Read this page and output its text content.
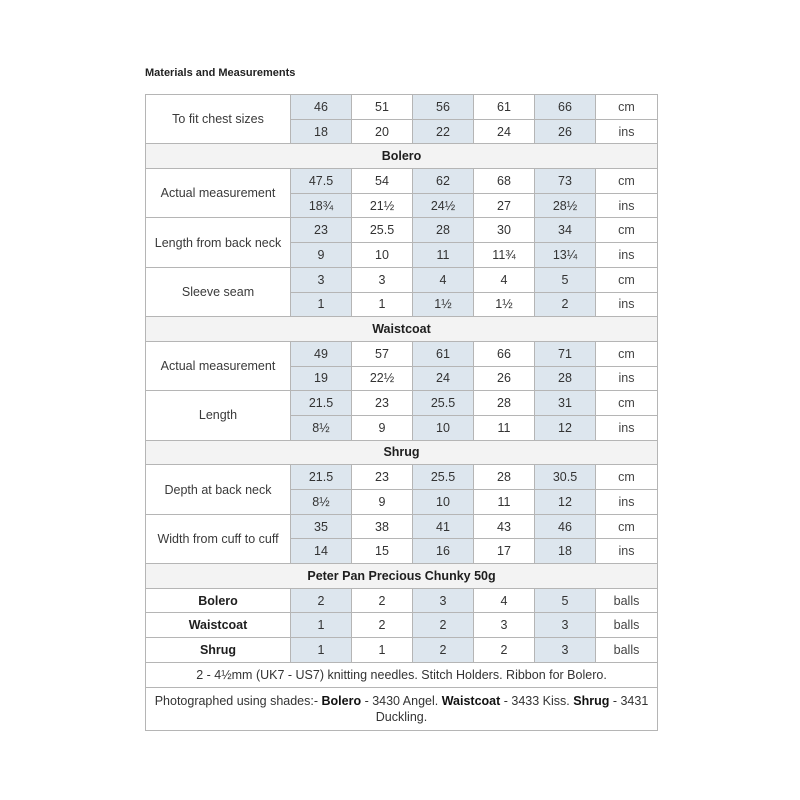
Materials and Measurements
To fit chest sizes	46	51	56	61	66	cm
	18	20	22	24	26	ins
Bolero						
Actual measurement	47.5	54	62	68	73	cm
	18¾	21½	24½	27	28½	ins
Length from back neck	23	25.5	28	30	34	cm
	9	10	11	11¾	13¼	ins
Sleeve seam	3	3	4	4	5	cm
	1	1	1½	1½	2	ins
Waistcoat						
Actual measurement	49	57	61	66	71	cm
	19	22½	24	26	28	ins
Length	21.5	23	25.5	28	31	cm
	8½	9	10	11	12	ins
Shrug						
Depth at back neck	21.5	23	25.5	28	30.5	cm
	8½	9	10	11	12	ins
Width from cuff to cuff	35	38	41	43	46	cm
	14	15	16	17	18	ins
Peter Pan Precious Chunky 50g						
Bolero	2	2	3	4	5	balls
Waistcoat	1	2	2	3	3	balls
Shrug	1	1	2	2	3	balls
2 - 4½mm (UK7 - US7) knitting needles. Stitch Holders. Ribbon for Bolero.						
Photographed using shades:- Bolero - 3430 Angel. Waistcoat - 3433 Kiss. Shrug - 3431 Duckling.						
